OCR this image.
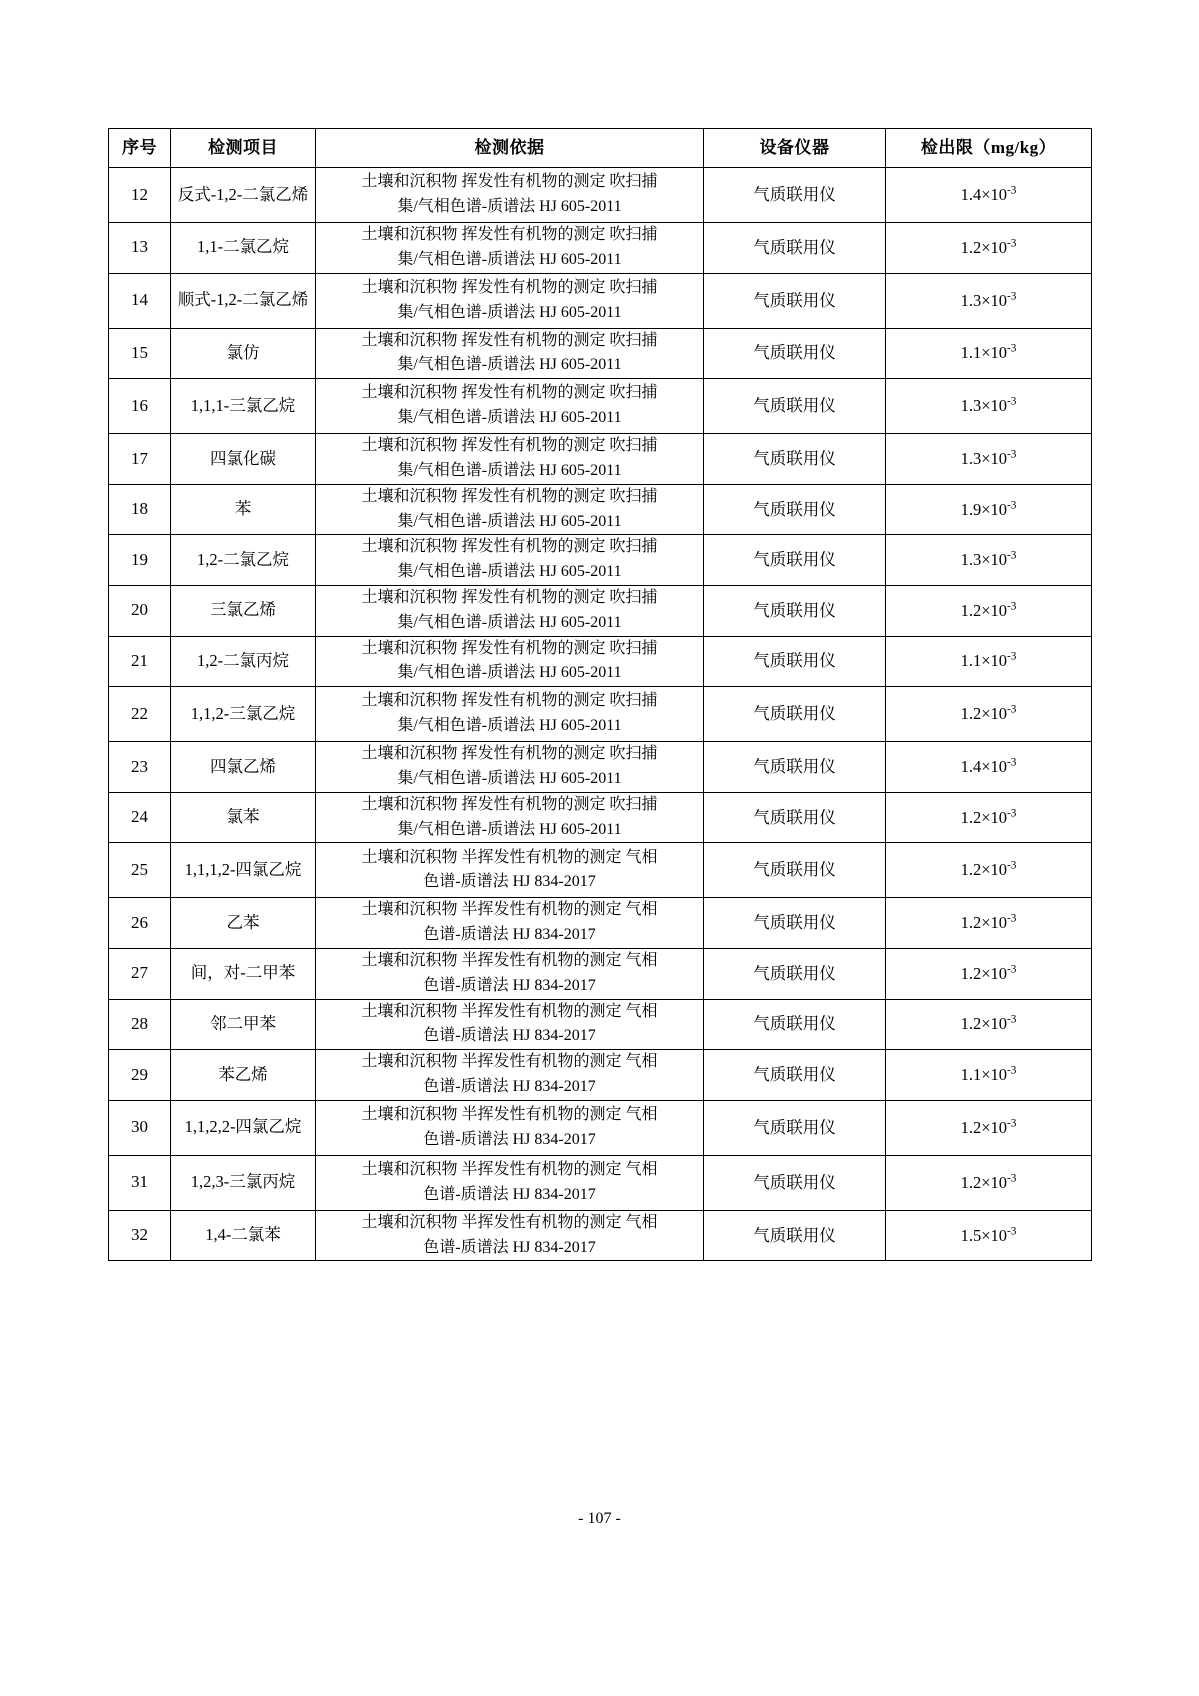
序号	检测项目	检测依据	设备仪器	检出限（mg/kg）
12	反式-1,2-二氯乙烯	土壤和沉积物 挥发性有机物的测定 吹扫捕
集/气相色谱-质谱法 HJ 605-2011	气质联用仪	$1.4\times 10^{-3}$
13	1,1-二氯乙烷	土壤和沉积物 挥发性有机物的测定 吹扫捕
集/气相色谱-质谱法 HJ 605-2011	气质联用仪	$1.2\times 10^{-3}$
14	顺式-1,2-二氯乙烯	土壤和沉积物 挥发性有机物的测定 吹扫捕
集/气相色谱-质谱法 HJ 605-2011	气质联用仪	$1.3\times 10^{-3}$
15	氯仿	土壤和沉积物 挥发性有机物的测定 吹扫捕
集/气相色谱-质谱法 HJ 605-2011	气质联用仪	$1.1\times 10^{-3}$
16	1,1,1-三氯乙烷	土壤和沉积物 挥发性有机物的测定 吹扫捕
集/气相色谱-质谱法 HJ 605-2011	气质联用仪	$1.3\times 10^{-3}$
17	四氯化碳	土壤和沉积物 挥发性有机物的测定 吹扫捕
集/气相色谱-质谱法 HJ 605-2011	气质联用仪	$1.3\times 10^{-3}$
18	苯	土壤和沉积物 挥发性有机物的测定 吹扫捕
集/气相色谱-质谱法 HJ 605-2011	气质联用仪	$1.9\times 10^{-3}$
19	1,2-二氯乙烷	土壤和沉积物 挥发性有机物的测定 吹扫捕
集/气相色谱-质谱法 HJ 605-2011	气质联用仪	$1.3\times 10^{-3}$
20	三氯乙烯	土壤和沉积物 挥发性有机物的测定 吹扫捕
集/气相色谱-质谱法 HJ 605-2011	气质联用仪	$1.2\times 10^{-3}$
21	1,2-二氯丙烷	土壤和沉积物 挥发性有机物的测定 吹扫捕
集/气相色谱-质谱法 HJ 605-2011	气质联用仪	$1.1\times 10^{-3}$
22	1,1,2-三氯乙烷	土壤和沉积物 挥发性有机物的测定 吹扫捕
集/气相色谱-质谱法 HJ 605-2011	气质联用仪	$1.2\times 10^{-3}$
23	四氯乙烯	土壤和沉积物 挥发性有机物的测定 吹扫捕
集/气相色谱-质谱法 HJ 605-2011	气质联用仪	$1.4\times 10^{-3}$
24	氯苯	土壤和沉积物 挥发性有机物的测定 吹扫捕
集/气相色谱-质谱法 HJ 605-2011	气质联用仪	$1.2\times 10^{-3}$
25	1,1,1,2-四氯乙烷	土壤和沉积物 半挥发性有机物的测定 气相
色谱-质谱法 HJ 834-2017	气质联用仪	$1.2\times 10^{-3}$
26	乙苯	土壤和沉积物 半挥发性有机物的测定 气相
色谱-质谱法 HJ 834-2017	气质联用仪	$1.2\times 10^{-3}$
27	间，对-二甲苯	土壤和沉积物 半挥发性有机物的测定 气相
色谱-质谱法 HJ 834-2017	气质联用仪	$1.2\times 10^{-3}$
28	邻二甲苯	土壤和沉积物 半挥发性有机物的测定 气相
色谱-质谱法 HJ 834-2017	气质联用仪	$1.2\times 10^{-3}$
29	苯乙烯	土壤和沉积物 半挥发性有机物的测定 气相
色谱-质谱法 HJ 834-2017	气质联用仪	$1.1\times 10^{-3}$
30	1,1,2,2-四氯乙烷	土壤和沉积物 半挥发性有机物的测定 气相
色谱-质谱法 HJ 834-2017	气质联用仪	$1.2\times 10^{-3}$
31	1,2,3-三氯丙烷	土壤和沉积物 半挥发性有机物的测定 气相
色谱-质谱法 HJ 834-2017	气质联用仪	$1.2\times 10^{-3}$
32	1,4-二氯苯	土壤和沉积物 半挥发性有机物的测定 气相
色谱-质谱法 HJ 834-2017	气质联用仪	$1.5\times 10^{-3}$
- 107 -
